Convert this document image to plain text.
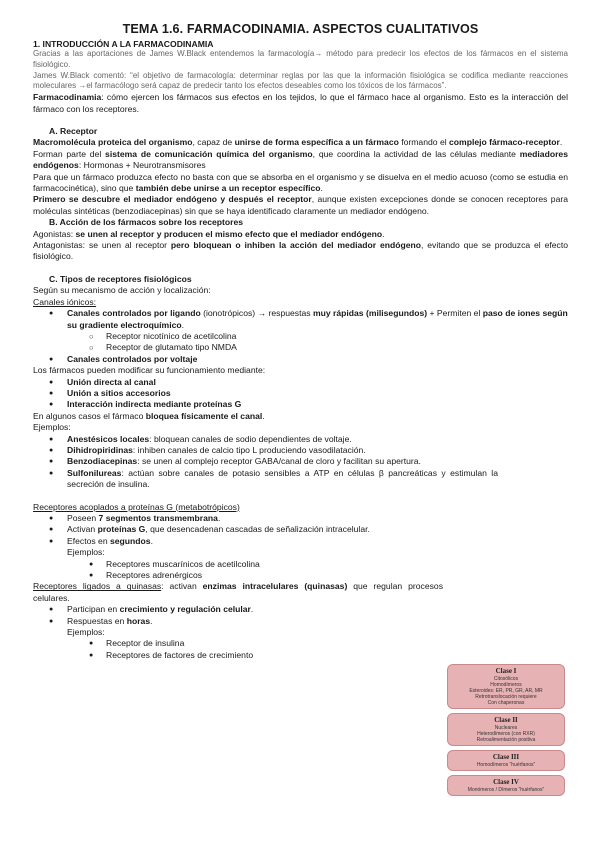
TEMA 1.6. FARMACODINAMIA. ASPECTOS CUALITATIVOS
1. INTRODUCCIÓN A LA FARMACODINAMIA

Gracias a las aportaciones de James W.Black entendemos la farmacología→ método para predecir los efectos de los fármacos en el sistema fisiológico.

James W.Black comentó: “el objetivo de farmacología: determinar reglas por las que la información fisiológica se codifica mediante reacciones moleculares →el farmacólogo será capaz de predecir tanto los efectos deseables como los tóxicos de los fármacos”.

Farmacodinamia: cómo ejercen los fármacos sus efectos en los tejidos, lo que el fármaco hace al organismo. Esto es la interacción del fármaco con los receptores.

A. Receptor

Macromolécula proteica del organismo, capaz de unirse de forma específica a un fármaco formando el complejo fármaco-receptor.

Forman parte del sistema de comunicación química del organismo, que coordina la actividad de las células mediante mediadores endógenos: Hormonas + Neurotransmisores

Para que un fármaco produzca efecto no basta con que se absorba en el organismo y se disuelva en el medio acuoso (como se estudia en farmacocinética), sino que también debe unirse a un receptor específico.

Primero se descubre el mediador endógeno y después el receptor, aunque existen excepciones donde se conocen receptores para moléculas sintéticas (benzodiacepinas) sin que se haya identificado claramente un mediador endógeno.

B. Acción de los fármacos sobre los receptores

Agonistas: se unen al receptor y producen el mismo efecto que el mediador endógeno.

Antagonistas: se unen al receptor pero bloquean o inhiben la acción del mediador endógeno, evitando que se produzca el efecto fisiológico.

C. Tipos de receptores fisiológicos

Según su mecanismo de acción y localización:

Canales iónicos:

● Canales controlados por ligando (ionotrópicos) → respuestas muy rápidas (milisegundos) + Permiten el paso de iones según su gradiente electroquímico.
○ Receptor nicotínico de acetilcolina
○ Receptor de glutamato tipo NMDA
● Canales controlados por voltaje

Los fármacos pueden modificar su funcionamiento mediante:

● Unión directa al canal
● Unión a sitios accesorios
● Interacción indirecta mediante proteínas G

En algunos casos el fármaco bloquea físicamente el canal.

Ejemplos:

● Anestésicos locales: bloquean canales de sodio dependientes de voltaje.
● Dihidropiridinas: inhiben canales de calcio tipo L produciendo vasodilatación.
● Benzodiacepinas: se unen al complejo receptor GABA/canal de cloro y facilitan su apertura.
● Sulfonilureas: actúan sobre canales de potasio sensibles a ATP en células β pancreáticas y estimulan la secreción de insulina.

Receptores acoplados a proteínas G (metabotrópicos)

● Poseen 7 segmentos transmembrana.
● Activan proteínas G, que desencadenan cascadas de señalización intracelular.
● Efectos en segundos.

Ejemplos:

● Receptores muscarínicos de acetilcolina
● Receptores adrenérgicos

Receptores ligados a quinasas: activan enzimas intracelulares (quinasas) que regulan procesos celulares.

● Participan en crecimiento y regulación celular.
● Respuestas en horas.

Ejemplos:

● Receptor de insulina
● Receptores de factores de crecimiento
Clase I
Citosólicos
Homodímeros
Esteroides: ER, PR, GR, AR, MR
Retrotranslocación requiere
Con chaperonas
Clase II
Nucleares
Heterodímeros (con RXR)
Retroalimentación positiva
Clase III
Homodímeros “huérfanos”
Clase IV
Monómeros / Dímeros “huérfanos”
